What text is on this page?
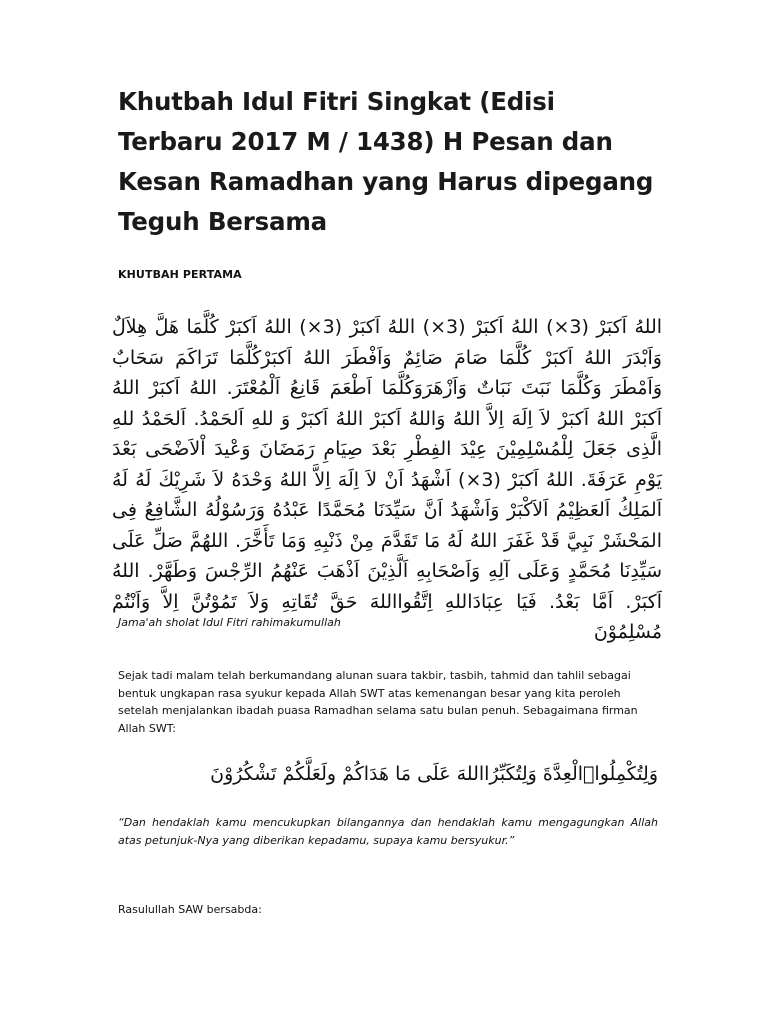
Khutbah Idul Fitri Singkat (Edisi Terbaru 2017 M / 1438) H Pesan dan Kesan Ramadhan yang Harus dipegang Teguh Bersama
KHUTBAH PERTAMA
اللهُ اَكبَرْ (3×) اللهُ اَكبَرْ (3×) اللهُ اَكبَرْ (3×) اللهُ اَكبَرْ كُلَّمَا هَلَّ هِلاَلٌ وَاَبْدَرَ اللهُ اَكبَرْ كُلَّمَا صَامَ صَائِمٌ وَاَفْطَرَ اللهُ اَكبَرْكُلَّمَا تَرَاكَمَ سَحَابٌ وَاَمْطَرَ وَكُلَّمَا نَبَتَ نَبَاتٌ وَاَزْهَرَوَكُلَّمَا اَطْعَمَ قَانِعُ اَلْمُعْتَرَ. اللهُ اَكبَرْ اللهُ اَكبَرْ اللهُ اَكبَرْ لاَ اِلَهَ اِلاَّ اللهُ وَاللهُ اَكبَرْ اللهُ اَكبَرْ وَ للهِ اَلحَمْدُ. اَلحَمْدُ للهِ الَّذِى جَعَلَ لِلْمُسْلِمِيْنَ عِيْدَ الفِطْرِ بَعْدَ صِيَامِ رَمَضَانَ وَعْيدَ اْلاَضْحَى بَعْدَ يَوْمِ عَرَفَةَ. اللهُ اَكبَرْ (3×) اَشْهَدُ اَنْ لاَ اِلَهَ اِلاَّ اللهُ وَحْدَهُ لاَ شَرِيْكَ لَهُ لَهُ اَلمَلِكُ اَلعَظِيْمُ اَلاَكْبَرْ وَاَشْهَدُ اَنَّ سَيِّدَنَا مُحَمَّدًا عَبْدُهُ وَرَسُوْلُهُ الشَّافِعُ فِى المَحْشَرْ نَبِيَّ قَدْ غَفَرَ اللهُ لَهُ مَا تَقَدَّمَ مِنْ ذَنْبِهِ وَمَا تَأَخَّرَ. اللهُمَّ صَلِّ عَلَى سَيِّدِنَا مُحَمَّدٍ وَعَلَى آلِهِ وَاَصْحَابِهِ اَلَّذِيْنَ اَذْهَبَ عَنْهُمُ الرِّجْسَ وَطَهَّرْ. اللهُ اَكبَرْ. اَمَّا بَعْدُ. فَيَا عِبَادَاللهِ اِتَّقُوااللهَ حَقَّ تُقَاتِهِ وَلاَ تَمُوْتُنَّ اِلاَّ وَاَنْتُمْ مُسْلِمُوْنَ
Jama'ah sholat Idul Fitri rahimakumullah

Sejak tadi malam telah berkumandang alunan suara takbir, tasbih, tahmid dan tahlil sebagai bentuk ungkapan rasa syukur kepada Allah SWT atas kemenangan besar yang kita peroleh setelah menjalankan ibadah puasa Ramadhan selama satu bulan penuh. Sebagaimana firman Allah SWT:

وَلِتُكْمِلُوا۟الْعِدَّةَ وَلِتُكَبِّرُااللهَ عَلَى مَا هَدَاكُمْ ولَعَلَّكُمْ تَشْكُرُوْنَ

“Dan hendaklah kamu mencukupkan bilangannya dan hendaklah kamu mengagungkan Allah atas petunjuk-Nya yang diberikan kepadamu, supaya kamu bersyukur.”

Rasulullah SAW bersabda:
